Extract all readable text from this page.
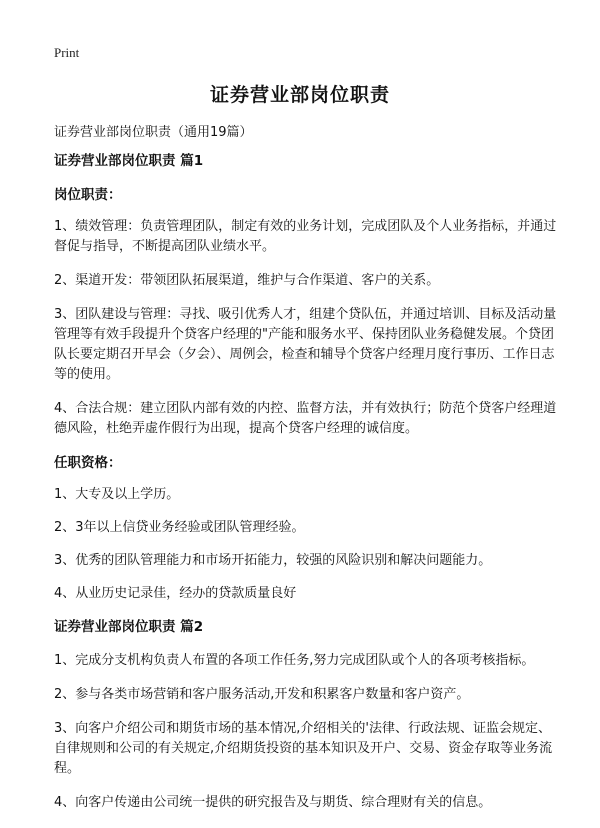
Print
证券营业部岗位职责
证券营业部岗位职责（通用19篇）
证券营业部岗位职责 篇1
岗位职责：

1、绩效管理：负责管理团队，制定有效的业务计划，完成团队及个人业务指标，并通过督促与指导，不断提高团队业绩水平。

2、渠道开发：带领团队拓展渠道，维护与合作渠道、客户的关系。

3、团队建设与管理：寻找、吸引优秀人才，组建个贷队伍，并通过培训、目标及活动量管理等有效手段提升个贷客户经理的"产能和服务水平、保持团队业务稳健发展。个贷团队长要定期召开早会（夕会）、周例会，检查和辅导个贷客户经理月度行事历、工作日志等的使用。

4、合法合规：建立团队内部有效的内控、监督方法，并有效执行；防范个贷客户经理道德风险，杜绝弄虚作假行为出现，提高个贷客户经理的诚信度。

任职资格：

1、大专及以上学历。

2、3年以上信贷业务经验或团队管理经验。

3、优秀的团队管理能力和市场开拓能力，较强的风险识别和解决问题能力。

4、从业历史记录佳，经办的贷款质量良好

证券营业部岗位职责 篇2

1、完成分支机构负责人布置的各项工作任务,努力完成团队或个人的各项考核指标。

2、参与各类市场营销和客户服务活动,开发和积累客户数量和客户资产。

3、向客户介绍公司和期货市场的基本情况,介绍相关的'法律、行政法规、证监会规定、自律规则和公司的有关规定,介绍期货投资的基本知识及开户、交易、资金存取等业务流程。

4、向客户传递由公司统一提供的研究报告及与期货、综合理财有关的信息。
